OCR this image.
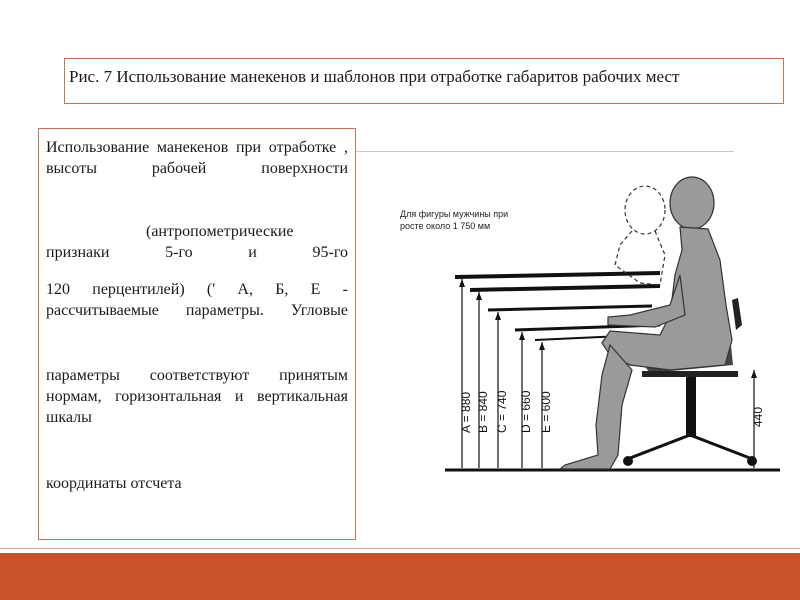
Рис. 7 Использование манекенов и шаблонов при отработке габаритов рабочих мест

Использование манекенов при отработке , высоты рабочей поверхности

(антропометрические признаки 5-го и 95-го

120 перцентилей) (' А, Б, Е - рассчитываемые параметры. Угловые

параметры соответствуют принятым нормам, горизонтальная и вертикальная шкалы

координаты отсчета

Для фигуры мужчины при
росте около 1 750 мм
A = 880 B = 840 C = 740 D = 660 E = 600	440
